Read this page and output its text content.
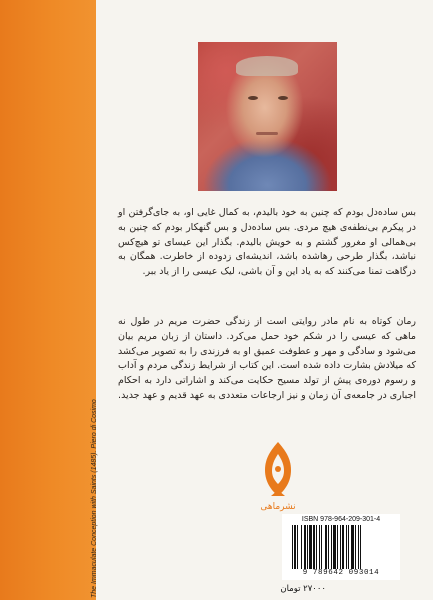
The Immaculate Conception with Saints (1485). Piero di Cosimo

بس ساده‌دل بودم که چنین به خود بالیدم، به کمال غایی او، به جای‌گرفتن او در پیکرم بی‌نطفه‌ی هیچ مردی. بس ساده‌دل و بس گنهکار بودم که چنین به بی‌همالی او مغرور گشتم و به خویش بالیدم. بگذار این عیسای تو هیچ‌کس نباشد، بگذار طرحی رهاشده باشد، اندیشه‌ای زدوده از خاطرت. همگان به درگاهت تمنا می‌کنند که به یاد این و آن باشی، لیک عیسی را از یاد ببر.

رمان کوتاه به نام مادر روایتی است از زندگی حضرت مریم در طول نه ماهی که عیسی را در شکم خود حمل می‌کرد. داستان از زبان مریم بیان می‌شود و سادگی و مهر و عطوفت عمیق او به فرزندی را به تصویر می‌کشد که میلادش بشارت داده شده است. این کتاب از شرایط زندگی مردم و آداب و رسوم دوره‌ی پیش از تولد مسیح حکایت می‌کند و اشاراتی دارد به احکام اجباری در جامعه‌ی آن زمان و نیز ارجاعات متعددی به عهد قدیم و عهد جدید.

نشرماهی
ISBN 978-964-209-301-4
9 789642 093014
۲۷۰۰۰ تومان
